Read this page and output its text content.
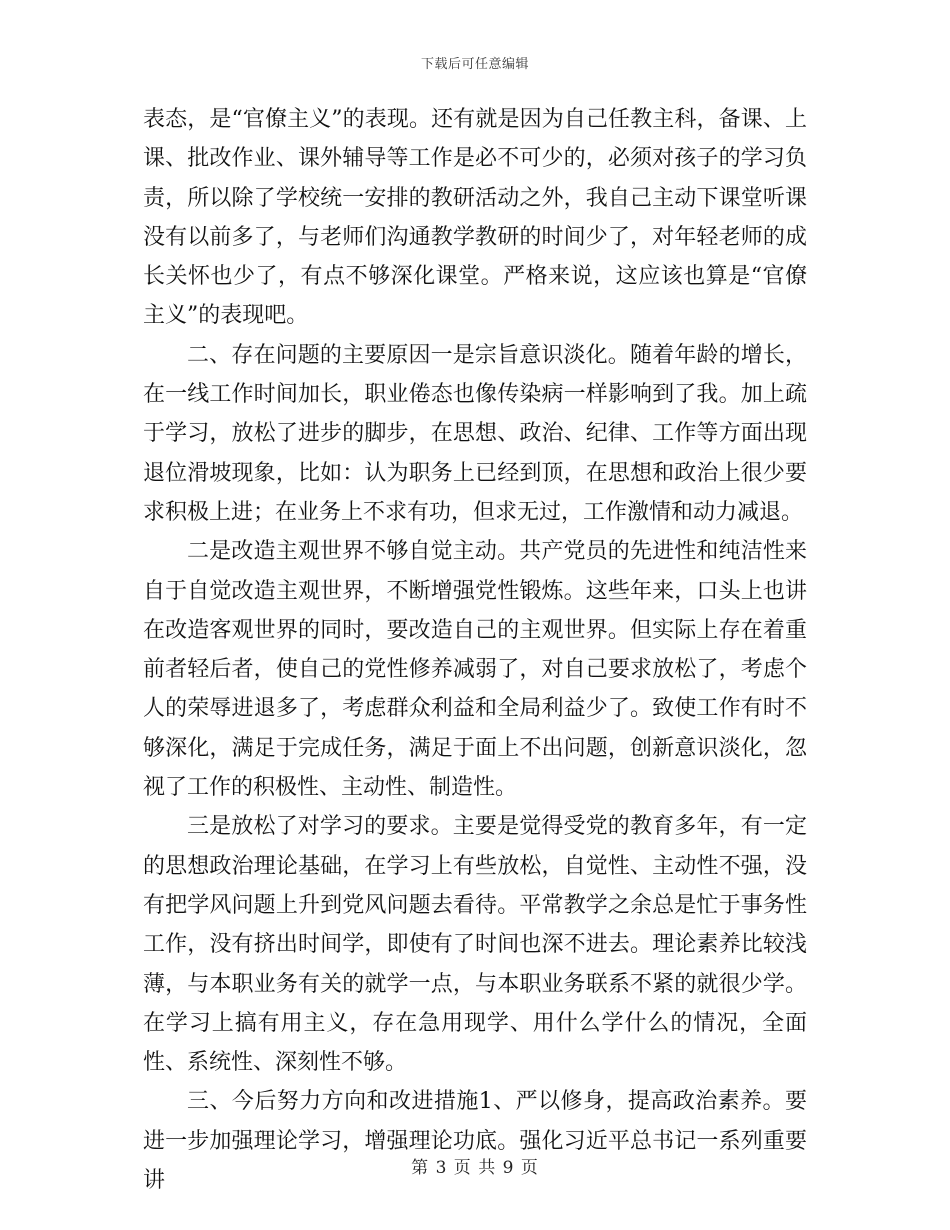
下载后可任意编辑

表态，是“官僚主义”的表现。还有就是因为自己任教主科，备课、上课、批改作业、课外辅导等工作是必不可少的，必须对孩子的学习负责，所以除了学校统一安排的教研活动之外，我自己主动下课堂听课没有以前多了，与老师们沟通教学教研的时间少了，对年轻老师的成长关怀也少了，有点不够深化课堂。严格来说，这应该也算是“官僚主义”的表现吧。

二、存在问题的主要原因一是宗旨意识淡化。随着年龄的增长，在一线工作时间加长，职业倦态也像传染病一样影响到了我。加上疏于学习，放松了进步的脚步，在思想、政治、纪律、工作等方面出现退位滑坡现象，比如：认为职务上已经到顶，在思想和政治上很少要求积极上进；在业务上不求有功，但求无过，工作激情和动力减退。

二是改造主观世界不够自觉主动。共产党员的先进性和纯洁性来自于自觉改造主观世界，不断增强党性锻炼。这些年来，口头上也讲在改造客观世界的同时，要改造自己的主观世界。但实际上存在着重前者轻后者，使自己的党性修养减弱了，对自己要求放松了，考虑个人的荣辱进退多了，考虑群众利益和全局利益少了。致使工作有时不够深化，满足于完成任务，满足于面上不出问题，创新意识淡化，忽视了工作的积极性、主动性、制造性。

三是放松了对学习的要求。主要是觉得受党的教育多年，有一定的思想政治理论基础，在学习上有些放松，自觉性、主动性不强，没有把学风问题上升到党风问题去看待。平常教学之余总是忙于事务性工作，没有挤出时间学，即使有了时间也深不进去。理论素养比较浅薄，与本职业务有关的就学一点，与本职业务联系不紧的就很少学。在学习上搞有用主义，存在急用现学、用什么学什么的情况，全面性、系统性、深刻性不够。

三、今后努力方向和改进措施1、严以修身，提高政治素养。要进一步加强理论学习，增强理论功底。强化习近平总书记一系列重要讲

第 3 页 共 9 页
